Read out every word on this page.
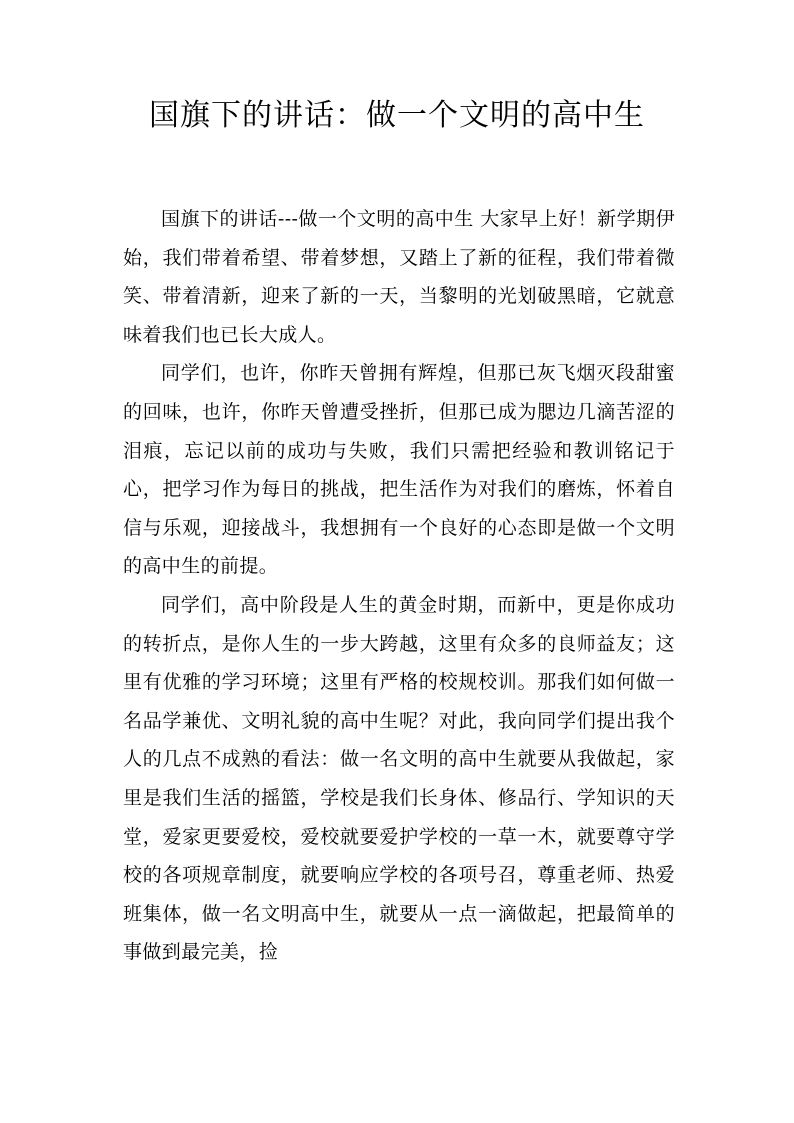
国旗下的讲话：做一个文明的高中生

国旗下的讲话---做一个文明的高中生 大家早上好！新学期伊始，我们带着希望、带着梦想，又踏上了新的征程，我们带着微笑、带着清新，迎来了新的一天，当黎明的光划破黑暗，它就意味着我们也已长大成人。

同学们，也许，你昨天曾拥有辉煌，但那已灰飞烟灭段甜蜜的回味，也许，你昨天曾遭受挫折，但那已成为腮边几滴苦涩的泪痕，忘记以前的成功与失败，我们只需把经验和教训铭记于心，把学习作为每日的挑战，把生活作为对我们的磨炼，怀着自信与乐观，迎接战斗，我想拥有一个良好的心态即是做一个文明的高中生的前提。

同学们，高中阶段是人生的黄金时期，而新中，更是你成功的转折点，是你人生的一步大跨越，这里有众多的良师益友；这里有优雅的学习环境；这里有严格的校规校训。那我们如何做一名品学兼优、文明礼貌的高中生呢？对此，我向同学们提出我个人的几点不成熟的看法：做一名文明的高中生就要从我做起，家里是我们生活的摇篮，学校是我们长身体、修品行、学知识的天堂，爱家更要爱校，爱校就要爱护学校的一草一木，就要尊守学校的各项规章制度，就要响应学校的各项号召，尊重老师、热爱班集体，做一名文明高中生，就要从一点一滴做起，把最简单的事做到最完美，捡
